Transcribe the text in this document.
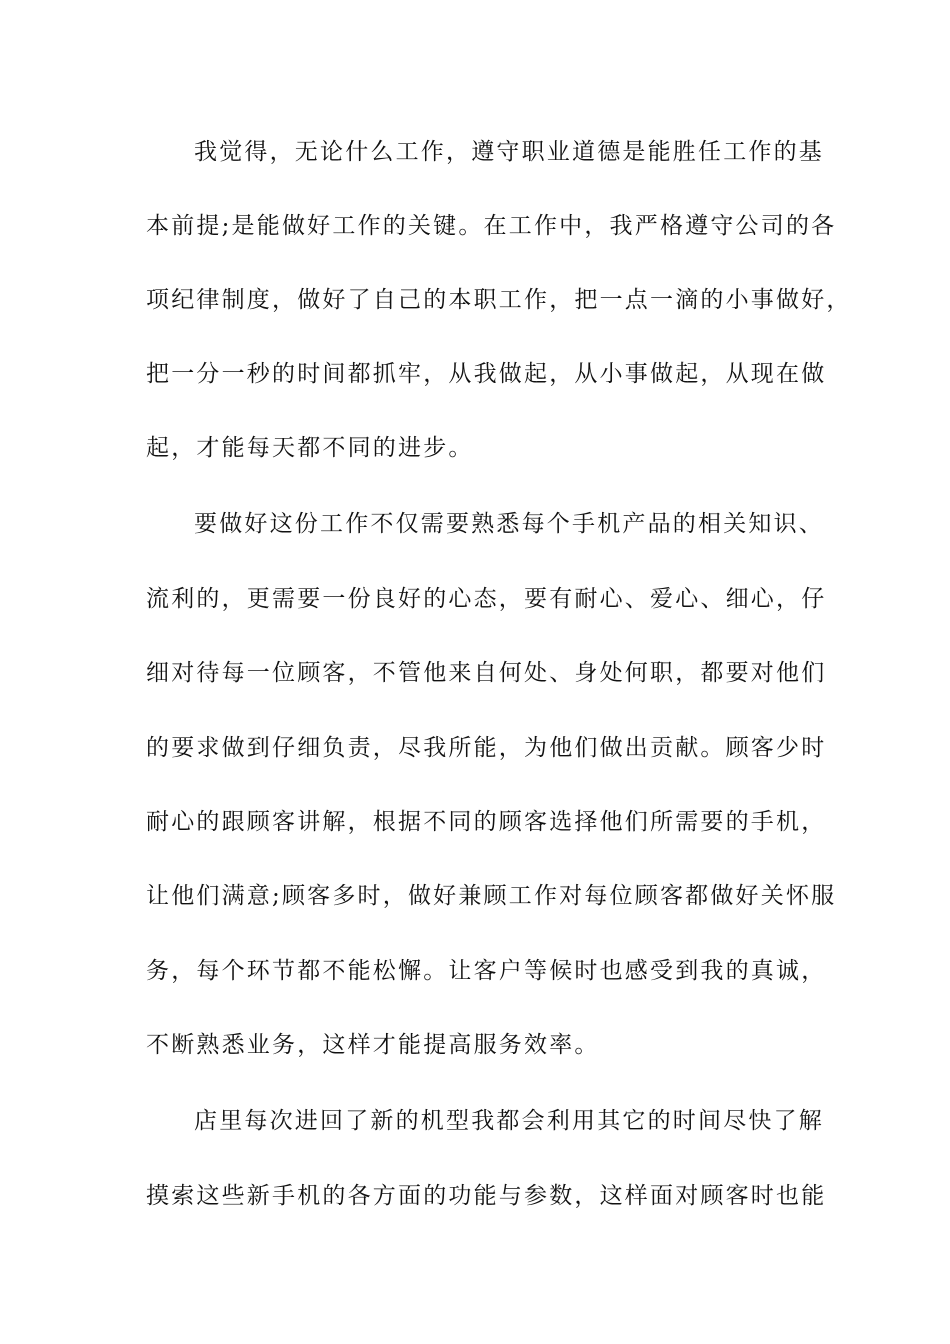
我觉得，无论什么工作，遵守职业道德是能胜任工作的基
本前提;是能做好工作的关键。在工作中，我严格遵守公司的各
项纪律制度，做好了自己的本职工作，把一点一滴的小事做好，
把一分一秒的时间都抓牢，从我做起，从小事做起，从现在做
起，才能每天都不同的进步。
要做好这份工作不仅需要熟悉每个手机产品的相关知识、
流利的，更需要一份良好的心态，要有耐心、爱心、细心，仔
细对待每一位顾客，不管他来自何处、身处何职，都要对他们
的要求做到仔细负责，尽我所能，为他们做出贡献。顾客少时
耐心的跟顾客讲解，根据不同的顾客选择他们所需要的手机，
让他们满意;顾客多时，做好兼顾工作对每位顾客都做好关怀服
务，每个环节都不能松懈。让客户等候时也感受到我的真诚，
不断熟悉业务，这样才能提高服务效率。
店里每次进回了新的机型我都会利用其它的时间尽快了解
摸索这些新手机的各方面的功能与参数，这样面对顾客时也能
